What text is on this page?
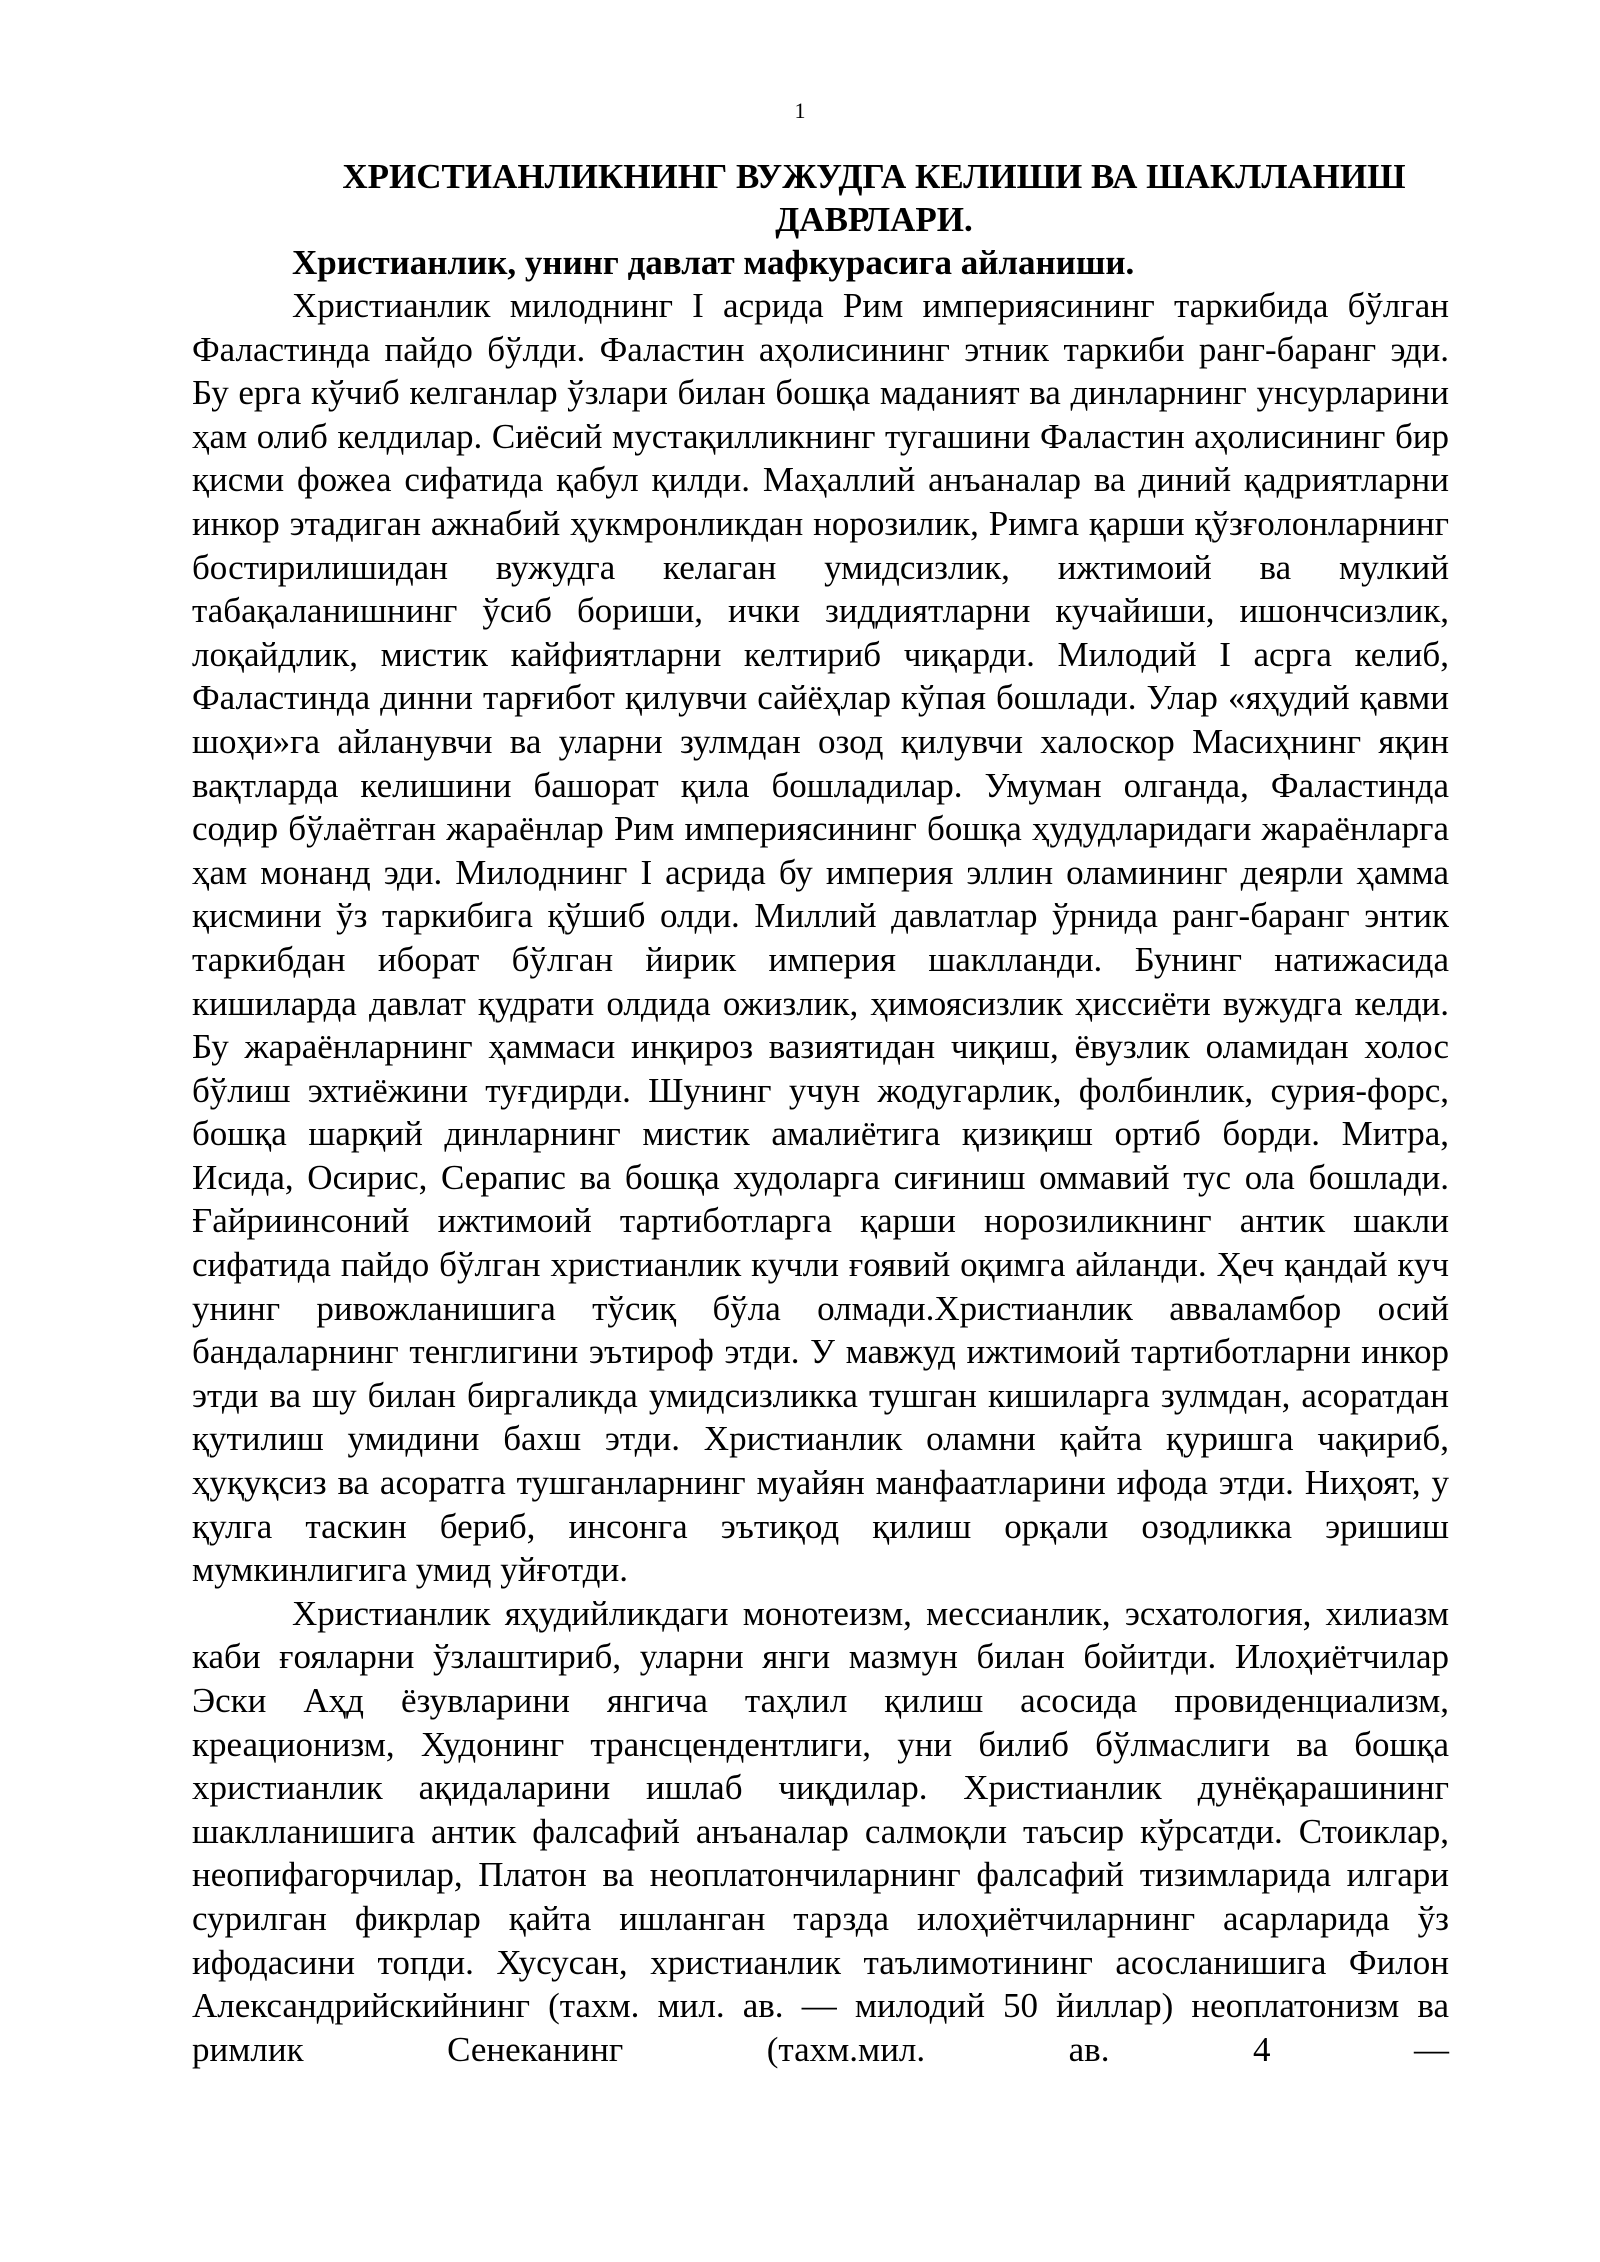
1
ХРИСТИАНЛИКНИНГ ВУЖУДГА КЕЛИШИ ВА ШАКЛЛАНИШ ДАВРЛАРИ.

Христианлик, унинг давлат мафкурасига айланиши.

Христианлик милоднинг I асрида Рим империясининг таркибида бўлган Фаластинда пайдо бўлди. Фаластин аҳолисининг этник таркиби ранг-баранг эди. Бу ерга кўчиб келганлар ўзлари билан бошқа маданият ва динларнинг унсурларини ҳам олиб келдилар. Сиёсий мустақилликнинг тугашини Фаластин аҳолисининг бир қисми фожеа сифатида қабул қилди. Маҳаллий анъаналар ва диний қадриятларни инкор этадиган ажнабий ҳукмронликдан норозилик, Римга қарши қўзғолонларнинг бостирилишидан вужудга келаган умидсизлик, ижтимоий ва мулкий табақаланишнинг ўсиб бориши, ички зиддиятларни кучайиши, ишончсизлик, лоқайдлик, мистик кайфиятларни келтириб чиқарди. Милодий I асрга келиб, Фаластинда динни тарғибот қилувчи сайёҳлар кўпая бошлади. Улар «яҳудий қавми шоҳи»га айланувчи ва уларни зулмдан озод қилувчи халоскор Масиҳнинг яқин вақтларда келишини башорат қила бошладилар. Умуман олганда, Фаластинда содир бўлаётган жараёнлар Рим империясининг бошқа ҳудудларидаги жараёнларга ҳам монанд эди. Милоднинг I асрида бу империя эллин оламининг деярли ҳамма қисмини ўз таркибига қўшиб олди. Миллий давлатлар ўрнида ранг-баранг энтик таркибдан иборат бўлган йирик империя шаклланди. Бунинг натижасида кишиларда давлат қудрати олдида ожизлик, ҳимоясизлик ҳиссиёти вужудга келди. Бу жараёнларнинг ҳаммаси инқироз вазиятидан чиқиш, ёвузлик оламидан холос бўлиш эхтиёжини туғдирди. Шунинг учун жодугарлик, фолбинлик, сурия-форс, бошқа шарқий динларнинг мистик амалиётига қизиқиш ортиб борди. Митра, Исида, Осирис, Серапис ва бошқа худоларга сиғиниш оммавий тус ола бошлади. Ғайриинсоний ижтимоий тартиботларга қарши норозиликнинг антик шакли сифатида пайдо бўлган христианлик кучли ғоявий оқимга айланди. Ҳеч қандай куч унинг ривожланишига тўсиқ бўла олмади.Христианлик аввaламбор осий бандаларнинг тенглигини эътироф этди. У мавжуд ижтимоий тартиботларни инкор этди ва шу билан биргаликда умидсизликка тушган кишиларга зулмдан, асоратдан қутилиш умидини бахш этди. Христианлик оламни қайта қуришга чақириб, ҳуқуқсиз ва асоратга тушганларнинг муайян манфаатларини ифода этди. Ниҳоят, у қулга таскин бериб, инсонга эътиқод қилиш орқали озодликка эришиш мумкинлигига умид уйғотди.

Христианлик яҳудийликдаги монотеизм, мессианлик, эсхатология, хилиазм каби ғояларни ўзлаштириб, уларни янги мазмун билан бойитди. Илоҳиётчилар Эски Аҳд ёзувларини янгича таҳлил қилиш асосида провиденциализм, креационизм, Худонинг трансцендентлиги, уни билиб бўлмаслиги ва бошқа христианлик ақидаларини ишлаб чиқдилар. Христианлик дунёқарашининг шаклланишига антик фалсафий анъаналар салмоқли таъсир кўрсатди. Стоиклар, неопифагорчилар, Платон ва неоплатончиларнинг фалсафий тизимларида илгари сурилган фикрлар қайта ишланган тарзда илоҳиётчиларнинг асарларида ўз ифодасини топди. Хусусан, христианлик таълимотининг асосланишига Филон Александрийскийнинг (тахм. мил. ав. — милодий 50 йиллар) неоплатонизм ва римлик Сенеканинг (тахм.мил. ав. 4 —
